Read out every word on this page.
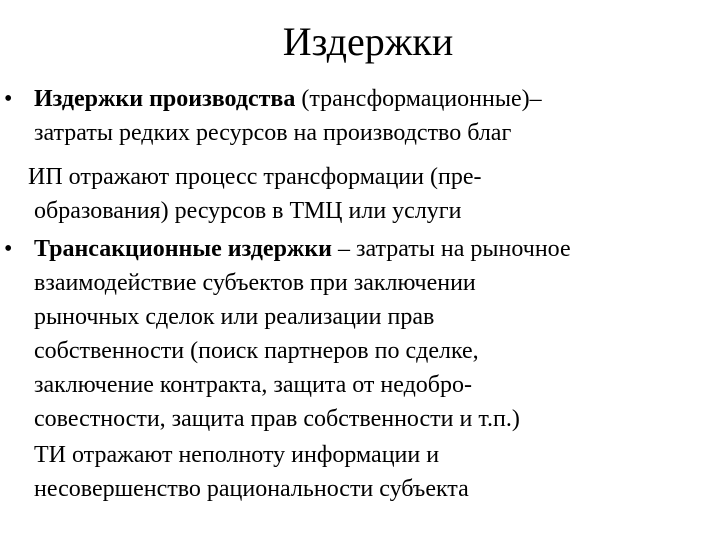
Издержки
• Издержки производства (трансформационные)–
затраты редких ресурсов на производство благ
ИП отражают процесс трансформации (пре-
образования) ресурсов в ТМЦ или услуги
• Трансакционные издержки – затраты на рыночное
взаимодействие субъектов при заключении
рыночных сделок или реализации прав
собственности (поиск партнеров по сделке,
заключение контракта, защита от недобро-
совестности, защита прав собственности и т.п.)
ТИ отражают неполноту информации и
несовершенство рациональности субъекта
